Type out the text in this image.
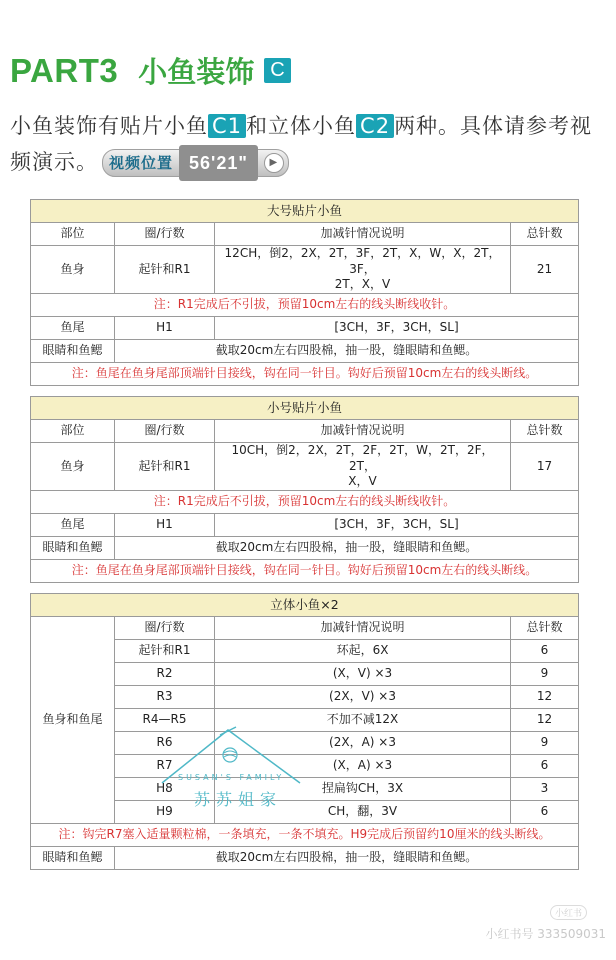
PART3 小鱼装饰 C
小鱼装饰有贴片小鱼 C1 和立体小鱼 C2 两种。具体请参考视频演示。 视频位置 56'21"	▶
大号贴片小鱼			
部位	圈/行数	加减针情况说明	总针数
鱼身	起针和R1	12CH，倒2，2X，2T，3F，2T，X，W，X，2T，3F，
2T，X，V	21
注：R1完成后不引拔，预留10cm左右的线头断线收针。			
鱼尾	H1	[3CH，3F，3CH，SL]	
眼睛和鱼鳃	截取20cm左右四股棉，抽一股，缝眼睛和鱼鳃。		
注：鱼尾在鱼身尾部顶端针目接线，钩在同一针目。钩好后预留10cm左右的线头断线。			
小号贴片小鱼			
部位	圈/行数	加减针情况说明	总针数
鱼身	起针和R1	10CH，倒2，2X，2T，2F，2T，W，2T，2F，2T，
X，V	17
注：R1完成后不引拔，预留10cm左右的线头断线收针。			
鱼尾	H1	[3CH，3F，3CH，SL]	
眼睛和鱼鳃	截取20cm左右四股棉，抽一股，缝眼睛和鱼鳃。		
注：鱼尾在鱼身尾部顶端针目接线，钩在同一针目。钩好后预留10cm左右的线头断线。			
立体小鱼×2			
鱼身和鱼尾	圈/行数	加减针情况说明	总针数
	起针和R1	环起，6X	6
	R2	(X，V) ×3	9
	R3	(2X，V) ×3	12
	R4—R5	不加不减12X	12
	R6	(2X，A) ×3	9
	R7	(X，A) ×3	6
	H8	捏扁钩CH，3X	3
	H9	CH，翻，3V	6
注：钩完R7塞入适量颗粒棉，一条填充，一条不填充。H9完成后预留约10厘米的线头断线。			
眼睛和鱼鳃	截取20cm左右四股棉，抽一股，缝眼睛和鱼鳃。		
SUSAN'S FAMILY
苏苏姐家
小红书
小红书号 333509031
